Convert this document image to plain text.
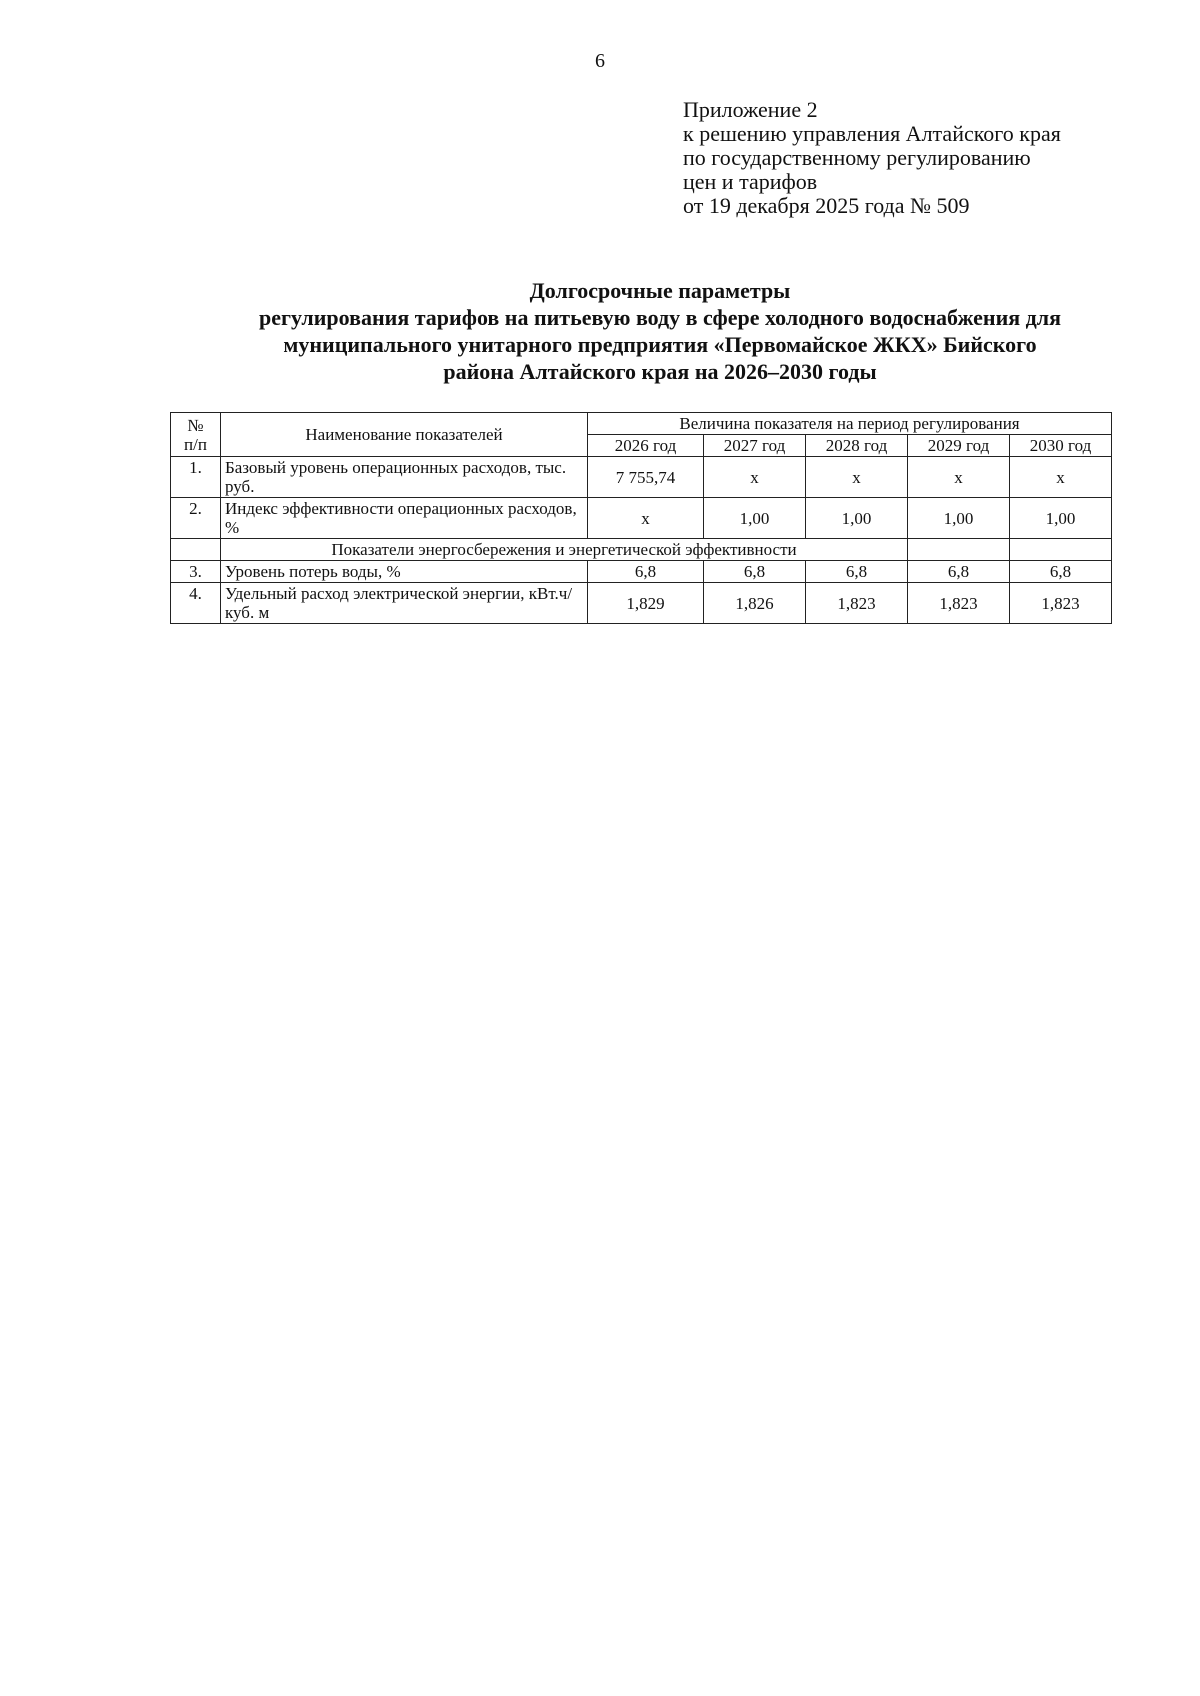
6
Приложение 2
к решению управления Алтайского края
по государственному регулированию
цен и тарифов
от 19 декабря 2025 года № 509
Долгосрочные параметры
регулирования тарифов на питьевую воду в сфере холодного водоснабжения для
муниципального унитарного предприятия «Первомайское ЖКХ» Бийского
района Алтайского края на 2026–2030 годы
№
п/п	Наименование показателей	Величина показателя на период регулирования				
		2026 год	2027 год	2028 год	2029 год	2030 год
1.	Базовый уровень операционных расходов, тыс. руб.	7 755,74	х	х	х	х
2.	Индекс эффективности операционных расходов, %	х	1,00	1,00	1,00	1,00
	Показатели энергосбережения и энергетической эффективности					
3.	Уровень потерь воды, %	6,8	6,8	6,8	6,8	6,8
4.	Удельный расход электрической энергии, кВт.ч/куб. м	1,829	1,826	1,823	1,823	1,823
